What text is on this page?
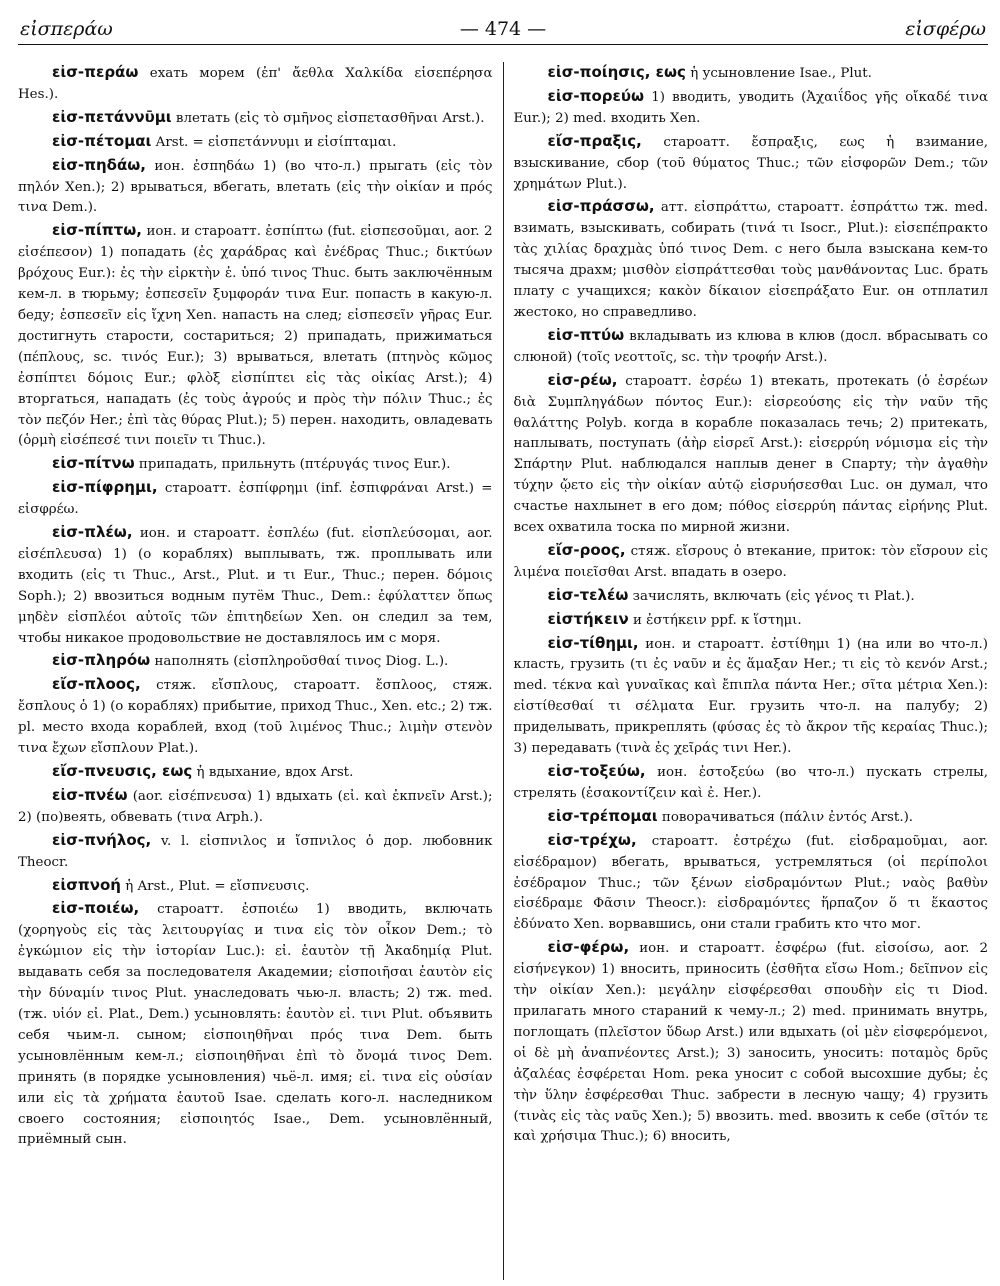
εἰσπεράω	— 474 —	εἰσφέρω

εἰσ-περάω ехать морем (ἐπ' ἄεθλα Χαλκίδα εἰσεπέρησα Hes.).

εἰσ-πετάννῡμι влетать (εἰς τὸ σμῆνος εἰσπετασθῆναι Arst.).

εἰσ-πέτομαι Arst. = εἰσπετάννυμι и εἰσίπταμαι.

εἰσ-πηδάω, ион. ἐσπηδάω 1) (во что-л.) прыгать (εἰς τὸν πηλόν Xen.); 2) врываться, вбегать, влетать (εἰς τὴν οἰκίαν и πρός τινα Dem.).

εἰσ-πίπτω, ион. и староатт. ἐσπίπτω (fut. εἰσπεσοῦμαι, aor. 2 εἰσέπεσον) 1) попадать (ἐς χαράδρας καὶ ἐνέδρας Thuc.; δικτύων βρόχους Eur.): ἐς τὴν εἱρκτὴν ἐ. ὑπό τινος Thuc. быть заключённым кем-л. в тюрьму; ἐσπεσεῖν ξυμφοράν τινα Eur. попасть в какую-л. беду; ἐσπεσεῖν εἰς ἴχνη Xen. напасть на след; εἰσπεσεῖν γῆρας Eur. достигнуть старости, состариться; 2) припадать, прижиматься (πέπλους, sc. τινός Eur.); 3) врываться, влетать (πτηνὸς κῶμος ἐσπίπτει δόμοις Eur.; φλὸξ εἰσπίπτει εἰς τὰς οἰκίας Arst.); 4) вторгаться, нападать (ἐς τοὺς ἀγρούς и πρὸς τὴν πόλιν Thuc.; ἐς τὸν πεζόν Her.; ἐπὶ τὰς θύρας Plut.); 5) перен. находить, овладевать (ὁρμὴ εἰσέπεσέ τινι ποιεῖν τι Thuc.).

εἰσ-πίτνω припадать, прильнуть (πτέρυγάς τινος Eur.).

εἰσ-πίφρημι, староатт. ἐσπίφρημι (inf. ἐσπιφράναι Arst.) = εἰσφρέω.

εἰσ-πλέω, ион. и староатт. ἐσπλέω (fut. εἰσπλεύσομαι, aor. εἰσέπλευσα) 1) (о кораблях) выплывать, тж. проплывать или входить (εἰς τι Thuc., Arst., Plut. и τι Eur., Thuc.; перен. δόμοις Soph.); 2) ввозиться водным путём Thuc., Dem.: ἐφύλαττεν ὅπως μηδὲν εἰσπλέοι αὐτοῖς τῶν ἐπιτηδείων Xen. он следил за тем, чтобы никакое продовольствие не доставлялось им с моря.

εἰσ-πληρόω наполнять (εἰσπληροῦσθαί τινος Diog. L.).

εἴσ-πλοος, стяж. εἴσπλους, староатт. ἔσπλοος, стяж. ἔσπλους ὁ 1) (о кораблях) прибытие, приход Thuc., Xen. etc.; 2) тж. pl. место входа кораблей, вход (τοῦ λιμένος Thuc.; λιμὴν στενὸν τινα ἔχων εἴσπλουν Plat.).

εἴσ-πνευσις, εως ἡ вдыхание, вдох Arst.

εἰσ-πνέω (aor. εἰσέπνευσα) 1) вдыхать (εἰ. καὶ ἐκπνεῖν Arst.); 2) (по)веять, обвевать (τινα Arph.).

εἰσ-πνήλος, v. l. εἰσπνιλος и ἴσπνιλος ὁ дор. любовник Theocr.

εἰσπνοή ἡ Arst., Plut. = εἴσπνευσις.

εἰσ-ποιέω, староатт. ἐσποιέω 1) вводить, включать (χορηγοὺς εἰς τὰς λειτουργίας и τινα εἰς τὸν οἶκον Dem.; τὸ ἐγκώμιον εἰς τὴν ἱστορίαν Luc.): εἰ. ἑαυτὸν τῇ Ἀκαδημίᾳ Plut. выдавать себя за последователя Академии; εἰσποιῆσαι ἑαυτὸν εἰς τὴν δύναμίν τινος Plut. унаследовать чью-л. власть; 2) тж. med. (тж. υἱόν εἰ. Plat., Dem.) усыновлять: ἑαυτὸν εἰ. τινι Plut. объявить себя чьим-л. сыном; εἰσποιηθῆναι πρός τινα Dem. быть усыновлённым кем-л.; εἰσποιηθῆναι ἐπὶ τὸ ὄνομά τινος Dem. принять (в порядке усыновления) чьё-л. имя; εἰ. τινα εἰς οὐσίαν или εἰς τὰ χρήματα ἑαυτοῦ Isae. сделать кого-л. наследником своего состояния; εἰσποιητός Isae., Dem. усыновлённый, приёмный сын.

εἰσ-ποίησις, εως ἡ усыновление Isae., Plut.

εἰσ-πορεύω 1) вводить, уводить (Ἀχαιΐδος γῆς οἴκαδέ τινα Eur.); 2) med. входить Xen.

εἴσ-πραξις, староатт. ἔσπραξις, εως ἡ взимание, взыскивание, сбор (τοῦ θύματος Thuc.; τῶν εἰσφορῶν Dem.; τῶν χρημάτων Plut.).

εἰσ-πράσσω, атт. εἰσπράττω, староатт. ἐσπράττω тж. med. взимать, взыскивать, собирать (τινά τι Isocr., Plut.): εἰσεπέπρακτο τὰς χιλίας δραχμὰς ὑπό τινος Dem. с него была взыскана кем-то тысяча драхм; μισθὸν εἰσπράττεσθαι τοὺς μανθάνοντας Luc. брать плату с учащихся; κακὸν δίκαιον εἰσεπράξατο Eur. он отплатил жестоко, но справедливо.

εἰσ-πτύω вкладывать из клюва в клюв (досл. вбрасывать со слюной) (τοῖς νεοττοῖς, sc. τὴν τροφήν Arst.).

εἰσ-ρέω, староатт. ἐσρέω 1) втекать, протекать (ὁ ἐσρέων διὰ Συμπληγάδων πόντος Eur.): εἰσρεούσης εἰς τὴν ναῦν τῆς θαλάττης Polyb. когда в корабле показалась течь; 2) притекать, наплывать, поступать (ἀὴρ εἰσρεῖ Arst.): εἰσερρύη νόμισμα εἰς τὴν Σπάρτην Plut. наблюдался наплыв денег в Спарту; τὴν ἀγαθὴν τύχην ᾤετο εἰς τὴν οἰκίαν αὐτῷ εἰσρυήσεσθαι Luc. он думал, что счастье нахлынет в его дом; πόθος εἰσερρύη πάντας εἰρήνης Plut. всех охватила тоска по мирной жизни.

εἴσ-ροος, стяж. εἴσρους ὁ втекание, приток: τὸν εἴσρουν εἰς λιμένα ποιεῖσθαι Arst. впадать в озеро.

εἰσ-τελέω зачислять, включать (εἰς γένος τι Plat.).

εἰστήκειν и ἐστήκειν ppf. к ἵστημι.

εἰσ-τίθημι, ион. и староатт. ἐστίθημι 1) (на или во что-л.) класть, грузить (τι ἐς ναῦν и ἐς ἅμαξαν Her.; τι εἰς τὸ κενόν Arst.; med. τέκνα καὶ γυναῖκας καὶ ἔπιπλα πάντα Her.; σῖτα μέτρια Xen.): εἰστίθεσθαί τι σέλματα Eur. грузить что-л. на палубу; 2) приделывать, прикреплять (φύσας ἐς τὸ ἄκρον τῆς κεραίας Thuc.); 3) передавать (τινὰ ἐς χεῖράς τινι Her.).

εἰσ-τοξεύω, ион. ἐστοξεύω (во что-л.) пускать стрелы, стрелять (ἐσακοντίζειν καὶ ἐ. Her.).

εἰσ-τρέπομαι поворачиваться (πάλιν ἐντός Arst.).

εἰσ-τρέχω, староатт. ἐστρέχω (fut. εἰσδραμοῦμαι, aor. εἰσέδραμον) вбегать, врываться, устремляться (οἱ περίπολοι ἐσέδραμον Thuc.; τῶν ξένων εἰσδραμόντων Plut.; ναὸς βαθὺν εἰσέδραμε Φᾶσιν Theocr.): εἰσδραμόντες ἥρπαζον ὅ τι ἕκαστος ἐδύνατο Xen. ворвавшись, они стали грабить кто что мог.

εἰσ-φέρω, ион. и староатт. ἐσφέρω (fut. εἰσοίσω, aor. 2 εἰσήνεγκον) 1) вносить, приносить (ἐσθῆτα εἴσω Hom.; δεῖπνον εἰς τὴν οἰκίαν Xen.): μεγάλην εἰσφέρεσθαι σπουδὴν εἰς τι Diod. прилагать много стараний к чему-л.; 2) med. принимать внутрь, поглощать (πλεῖστον ὕδωρ Arst.) или вдыхать (οἱ μὲν εἰσφερόμενοι, οἱ δὲ μὴ ἀναπνέοντες Arst.); 3) заносить, уносить: ποταμὸς δρῦς ἀζαλέας ἐσφέρεται Hom. река уносит с собой высохшие дубы; ἐς τὴν ὕλην ἐσφέρεσθαι Thuc. забрести в лесную чащу; 4) грузить (τινὰς εἰς τὰς ναῦς Xen.); 5) ввозить. med. ввозить к себе (σῖτόν τε καὶ χρήσιμα Thuc.); 6) вносить,
